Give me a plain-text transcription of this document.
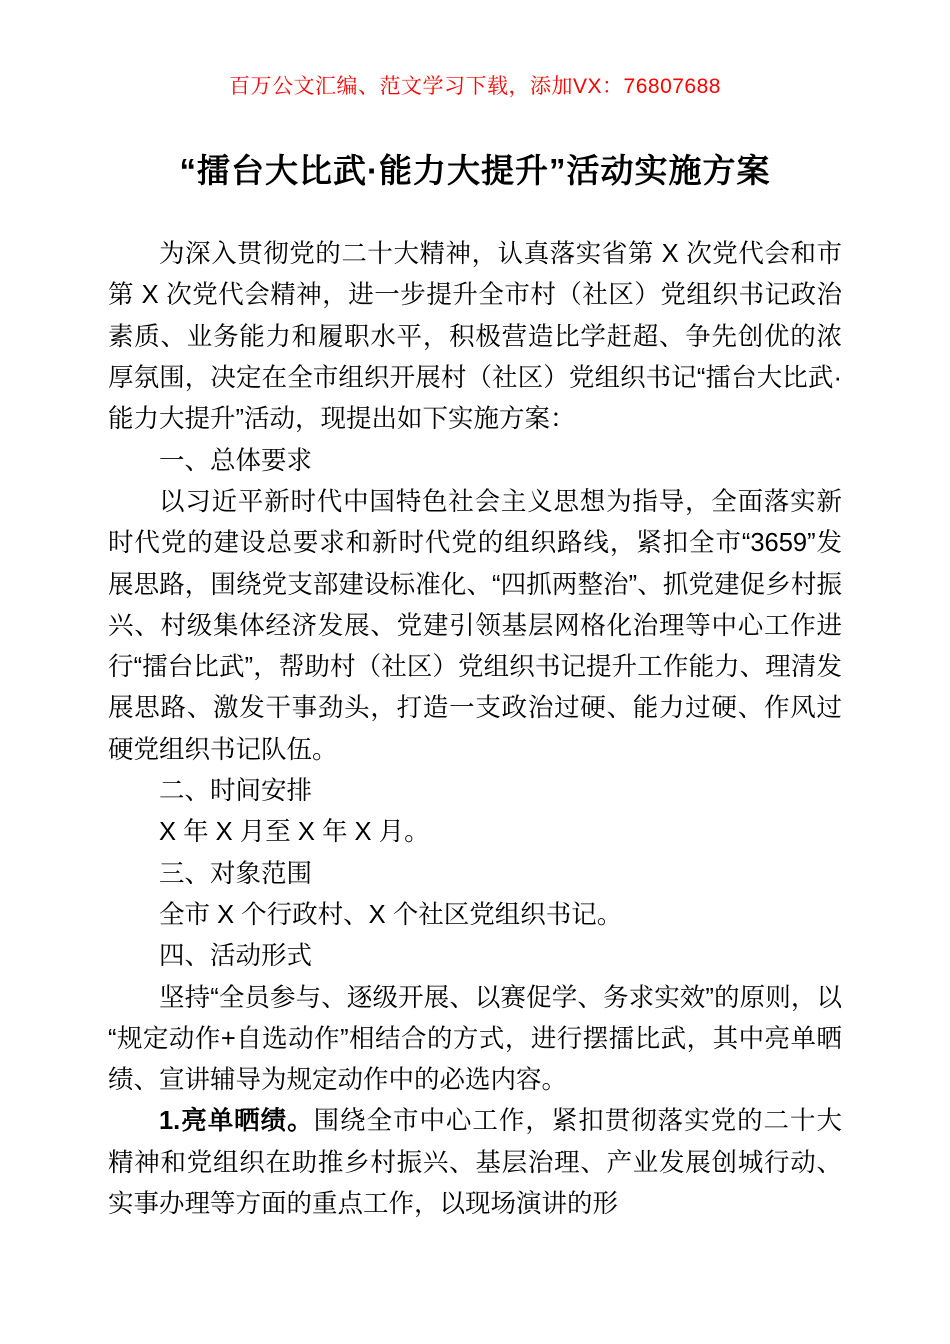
百万公文汇编、范文学习下载，添加VX：76807688
“擂台大比武·能力大提升”活动实施方案

为深入贯彻党的二十大精神，认真落实省第 X 次党代会和市第 X 次党代会精神，进一步提升全市村（社区）党组织书记政治素质、业务能力和履职水平，积极营造比学赶超、争先创优的浓厚氛围，决定在全市组织开展村（社区）党组织书记“擂台大比武·能力大提升”活动，现提出如下实施方案：

一、总体要求

以习近平新时代中国特色社会主义思想为指导，全面落实新时代党的建设总要求和新时代党的组织路线，紧扣全市“3659”发展思路，围绕党支部建设标准化、“四抓两整治”、抓党建促乡村振兴、村级集体经济发展、党建引领基层网格化治理等中心工作进行“擂台比武”，帮助村（社区）党组织书记提升工作能力、理清发展思路、激发干事劲头，打造一支政治过硬、能力过硬、作风过硬党组织书记队伍。

二、时间安排

X 年 X 月至 X 年 X 月。

三、对象范围

全市 X 个行政村、X 个社区党组织书记。

四、活动形式

坚持“全员参与、逐级开展、以赛促学、务求实效”的原则，以“规定动作+自选动作”相结合的方式，进行摆擂比武，其中亮单晒绩、宣讲辅导为规定动作中的必选内容。

1.亮单晒绩。围绕全市中心工作，紧扣贯彻落实党的二十大精神和党组织在助推乡村振兴、基层治理、产业发展创城行动、实事办理等方面的重点工作，以现场演讲的形
